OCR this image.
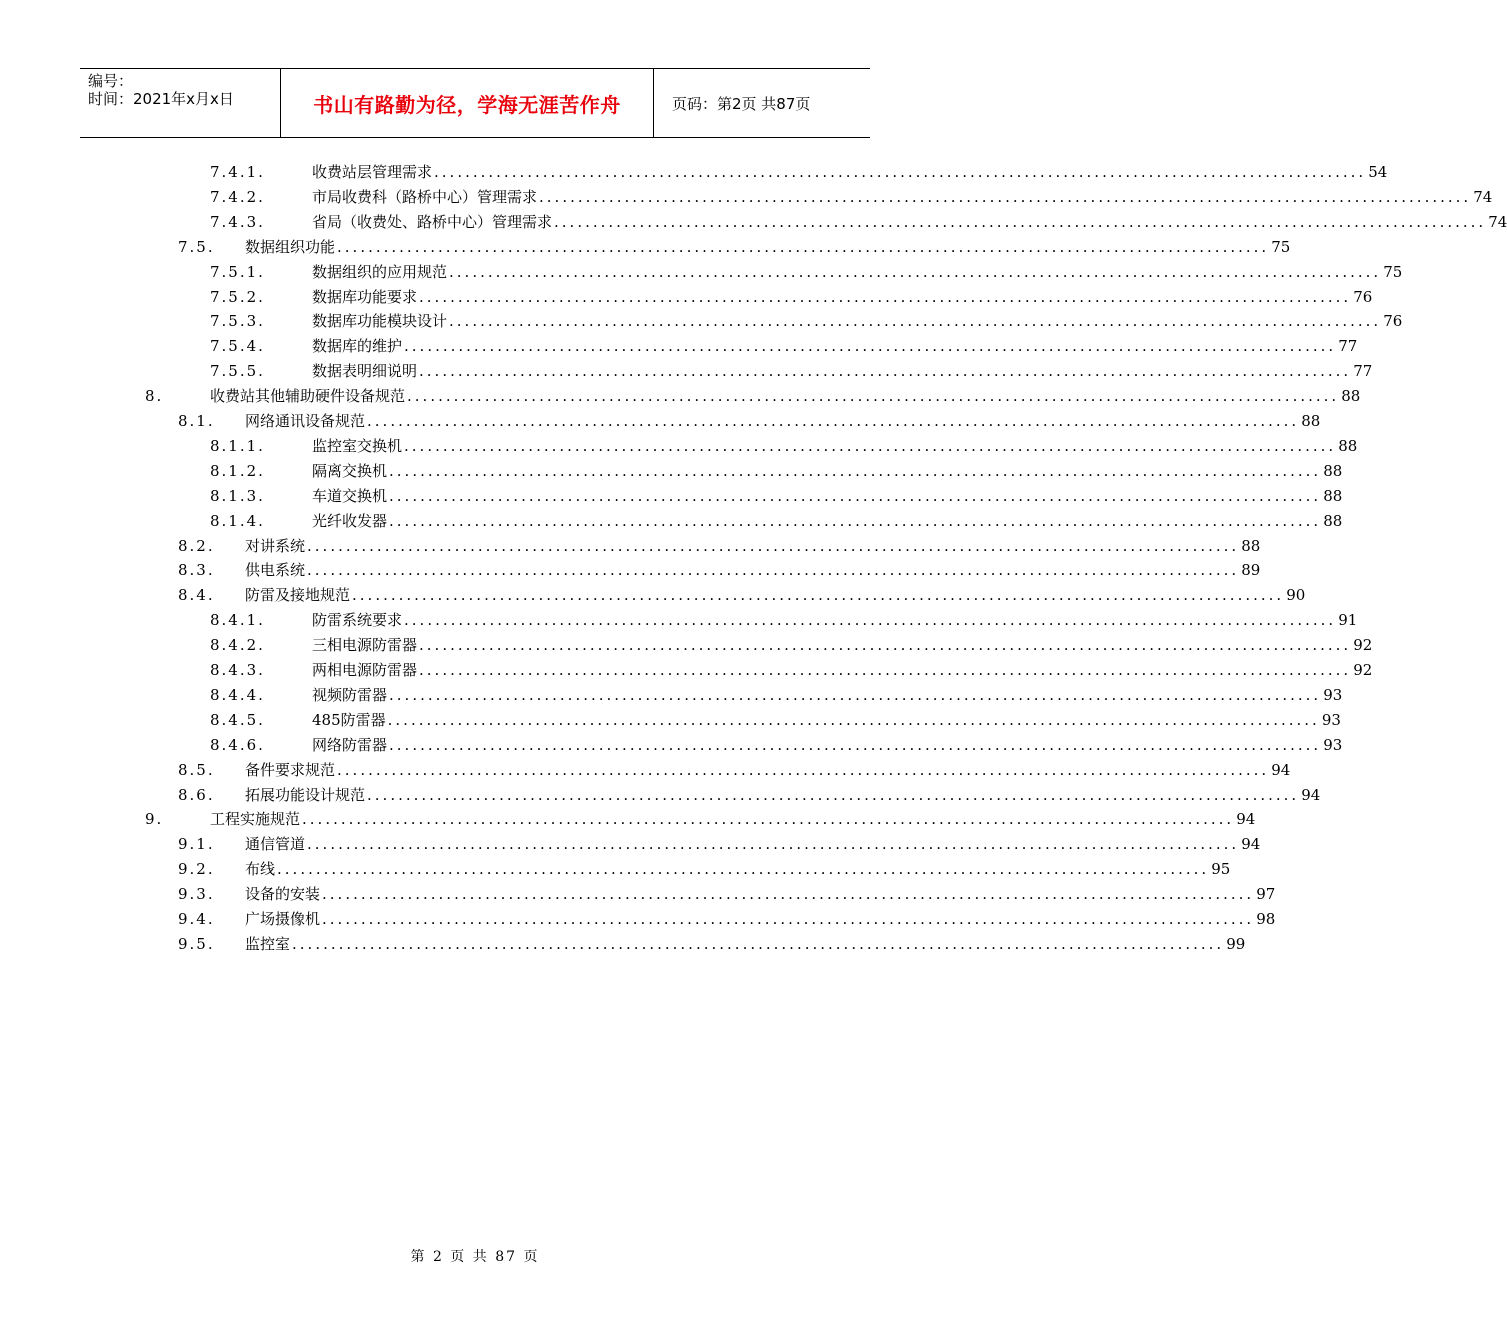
编号：
时间：2021年x月x日	书山有路勤为径，学海无涯苦作舟	页码：第2页 共87页
7.4.1.	收费站层管理需求 ........................................................................................................................ 54
7.4.2.	市局收费科（路桥中心）管理需求 ........................................................................................................................ 74
7.4.3.	省局（收费处、路桥中心）管理需求 ........................................................................................................................ 74
7.5. 数据组织功能 ........................................................................................................................ 75
7.5.1.	数据组织的应用规范 ........................................................................................................................ 75
7.5.2.	数据库功能要求 ........................................................................................................................ 76
7.5.3.	数据库功能模块设计 ........................................................................................................................ 76
7.5.4.	数据库的维护 ........................................................................................................................ 77
7.5.5.	数据表明细说明 ........................................................................................................................ 77
8.	收费站其他辅助硬件设备规范 ........................................................................................................................ 88
8.1. 网络通讯设备规范 ........................................................................................................................ 88
8.1.1.	监控室交换机 ........................................................................................................................ 88
8.1.2.	隔离交换机 ........................................................................................................................ 88
8.1.3.	车道交换机 ........................................................................................................................ 88
8.1.4.	光纤收发器 ........................................................................................................................ 88
8.2. 对讲系统 ........................................................................................................................ 88
8.3. 供电系统 ........................................................................................................................ 89
8.4. 防雷及接地规范 ........................................................................................................................ 90
8.4.1.	防雷系统要求 ........................................................................................................................ 91
8.4.2.	三相电源防雷器 ........................................................................................................................ 92
8.4.3.	两相电源防雷器 ........................................................................................................................ 92
8.4.4.	视频防雷器 ........................................................................................................................ 93
8.4.5.	485防雷器 ........................................................................................................................ 93
8.4.6.	网络防雷器 ........................................................................................................................ 93
8.5. 备件要求规范 ........................................................................................................................ 94
8.6. 拓展功能设计规范 ........................................................................................................................ 94
9.	工程实施规范 ........................................................................................................................ 94
9.1. 通信管道 ........................................................................................................................ 94
9.2. 布线 ........................................................................................................................ 95
9.3. 设备的安装 ........................................................................................................................ 97
9.4. 广场摄像机 ........................................................................................................................ 98
9.5. 监控室 ........................................................................................................................ 99
第 2 页 共 87 页
